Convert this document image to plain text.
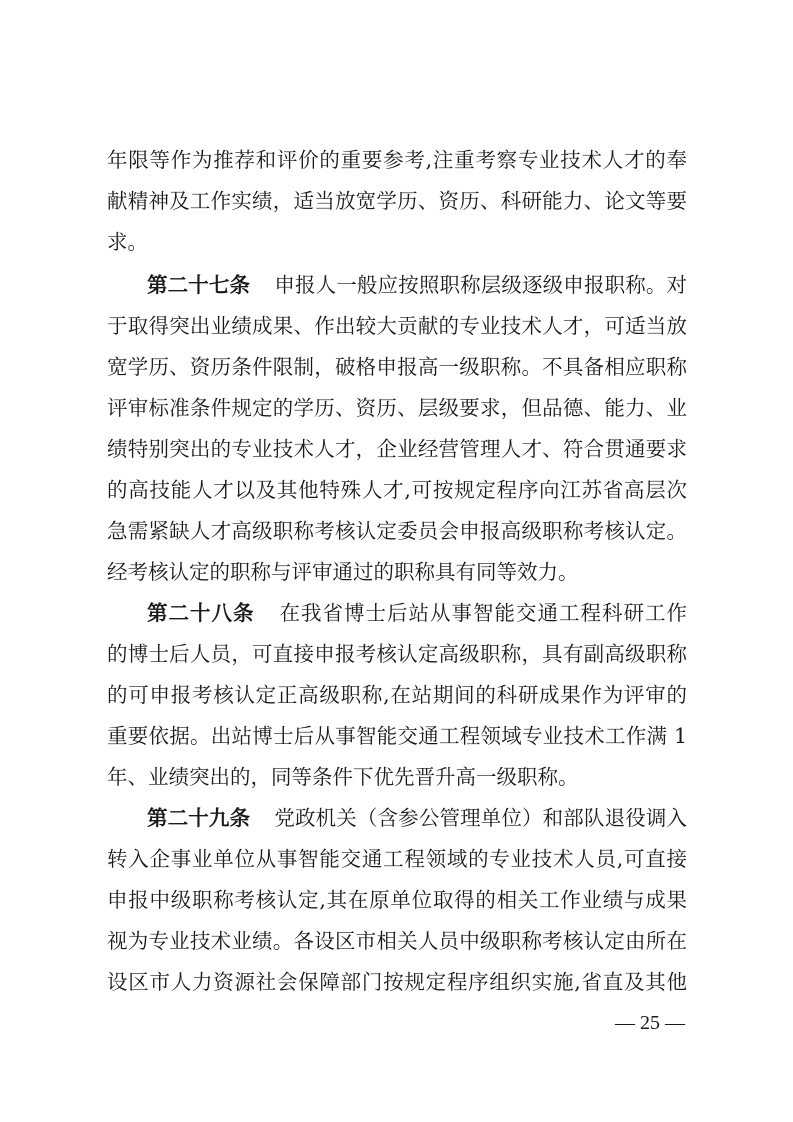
年限等作为推荐和评价的重要参考,注重考察专业技术人才的奉
献精神及工作实绩，适当放宽学历、资历、科研能力、论文等要
求。
第二十七条 申报人一般应按照职称层级逐级申报职称。对
于取得突出业绩成果、作出较大贡献的专业技术人才，可适当放
宽学历、资历条件限制，破格申报高一级职称。不具备相应职称
评审标准条件规定的学历、资历、层级要求，但品德、能力、业
绩特别突出的专业技术人才，企业经营管理人才、符合贯通要求
的高技能人才以及其他特殊人才,可按规定程序向江苏省高层次
急需紧缺人才高级职称考核认定委员会申报高级职称考核认定。
经考核认定的职称与评审通过的职称具有同等效力。
第二十八条 在我省博士后站从事智能交通工程科研工作
的博士后人员，可直接申报考核认定高级职称，具有副高级职称
的可申报考核认定正高级职称,在站期间的科研成果作为评审的
重要依据。出站博士后从事智能交通工程领域专业技术工作满 1
年、业绩突出的，同等条件下优先晋升高一级职称。
第二十九条 党政机关（含参公管理单位）和部队退役调入
转入企事业单位从事智能交通工程领域的专业技术人员,可直接
申报中级职称考核认定,其在原单位取得的相关工作业绩与成果
视为专业技术业绩。各设区市相关人员中级职称考核认定由所在
设区市人力资源社会保障部门按规定程序组织实施,省直及其他
— 25 —
